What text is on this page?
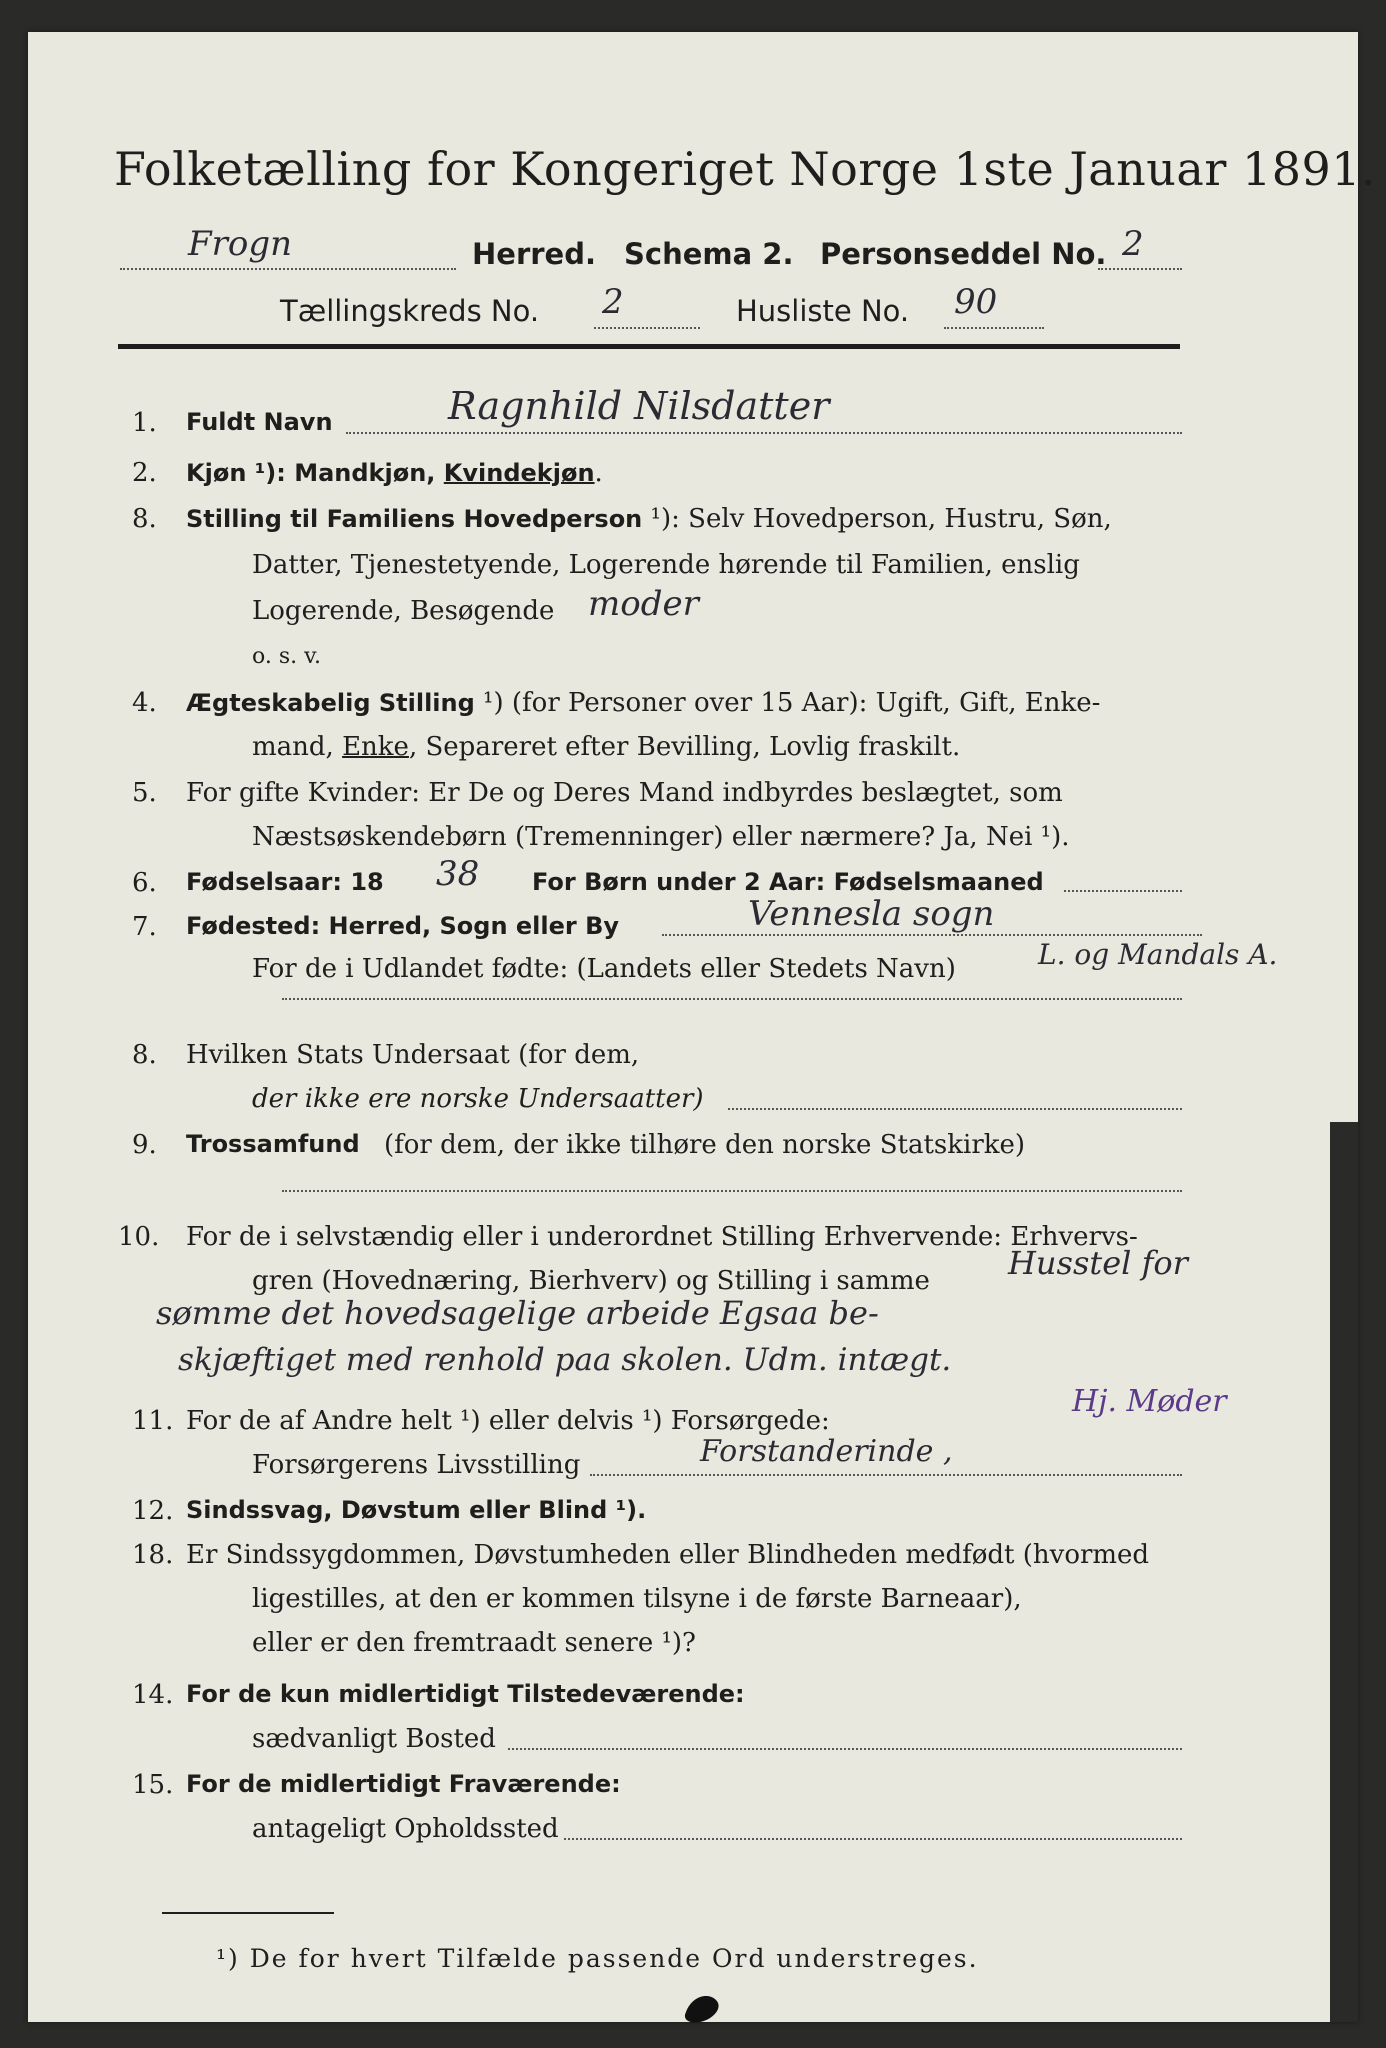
Folketælling for Kongeriget Norge 1ste Januar 1891.
Frogn	Herred. Schema 2. Personseddel No. 2
Tællingskreds No. 2	Husliste No. 90
1. Fuldt Navn	Ragnhild Nilsdatter
2. Kjøn ¹): Mandkjøn, Kvindekjøn.
8. Stilling til Familiens Hovedperson ¹): Selv Hovedperson, Hustru, Søn,
Datter, Tjenestetyende, Logerende hørende til Familien, enslig
Logerende, Besøgende moder
o. s. v.
4. Ægteskabelig Stilling ¹) (for Personer over 15 Aar): Ugift, Gift, Enke-
mand, Enke, Separeret efter Bevilling, Lovlig fraskilt.
5. For gifte Kvinder: Er De og Deres Mand indbyrdes beslægtet, som
Næstsøskendebørn (Tremenninger) eller nærmere? Ja, Nei ¹).
6. Fødselsaar: 18 38 For Børn under 2 Aar: Fødselsmaaned
7. Fødested: Herred, Sogn eller By	Vennesla sogn
For de i Udlandet fødte: (Landets eller Stedets Navn)	L. og Mandals A.
8. Hvilken Stats Undersaat (for dem,
der ikke ere norske Undersaatter)
9. Trossamfund (for dem, der ikke tilhøre den norske Statskirke)
10. For de i selvstændig eller i underordnet Stilling Erhvervende: Erhvervs-
gren (Hovednæring, Bierhverv) og Stilling i samme Husstel for
sømme det hovedsagelige arbeide Egsaa be-
skjæftiget med renhold paa skolen. Udm. intægt.
Hj. Møder
11. For de af Andre helt ¹) eller delvis ¹) Forsørgede:
Forsørgerens Livsstilling	Forstanderinde ,
12. Sindssvag, Døvstum eller Blind ¹).
18. Er Sindssygdommen, Døvstumheden eller Blindheden medfødt (hvormed
ligestilles, at den er kommen tilsyne i de første Barneaar),
eller er den fremtraadt senere ¹)?
14. For de kun midlertidigt Tilstedeværende:
sædvanligt Bosted
15. For de midlertidigt Fraværende:
antageligt Opholdssted
¹) De for hvert Tilfælde passende Ord understreges.
